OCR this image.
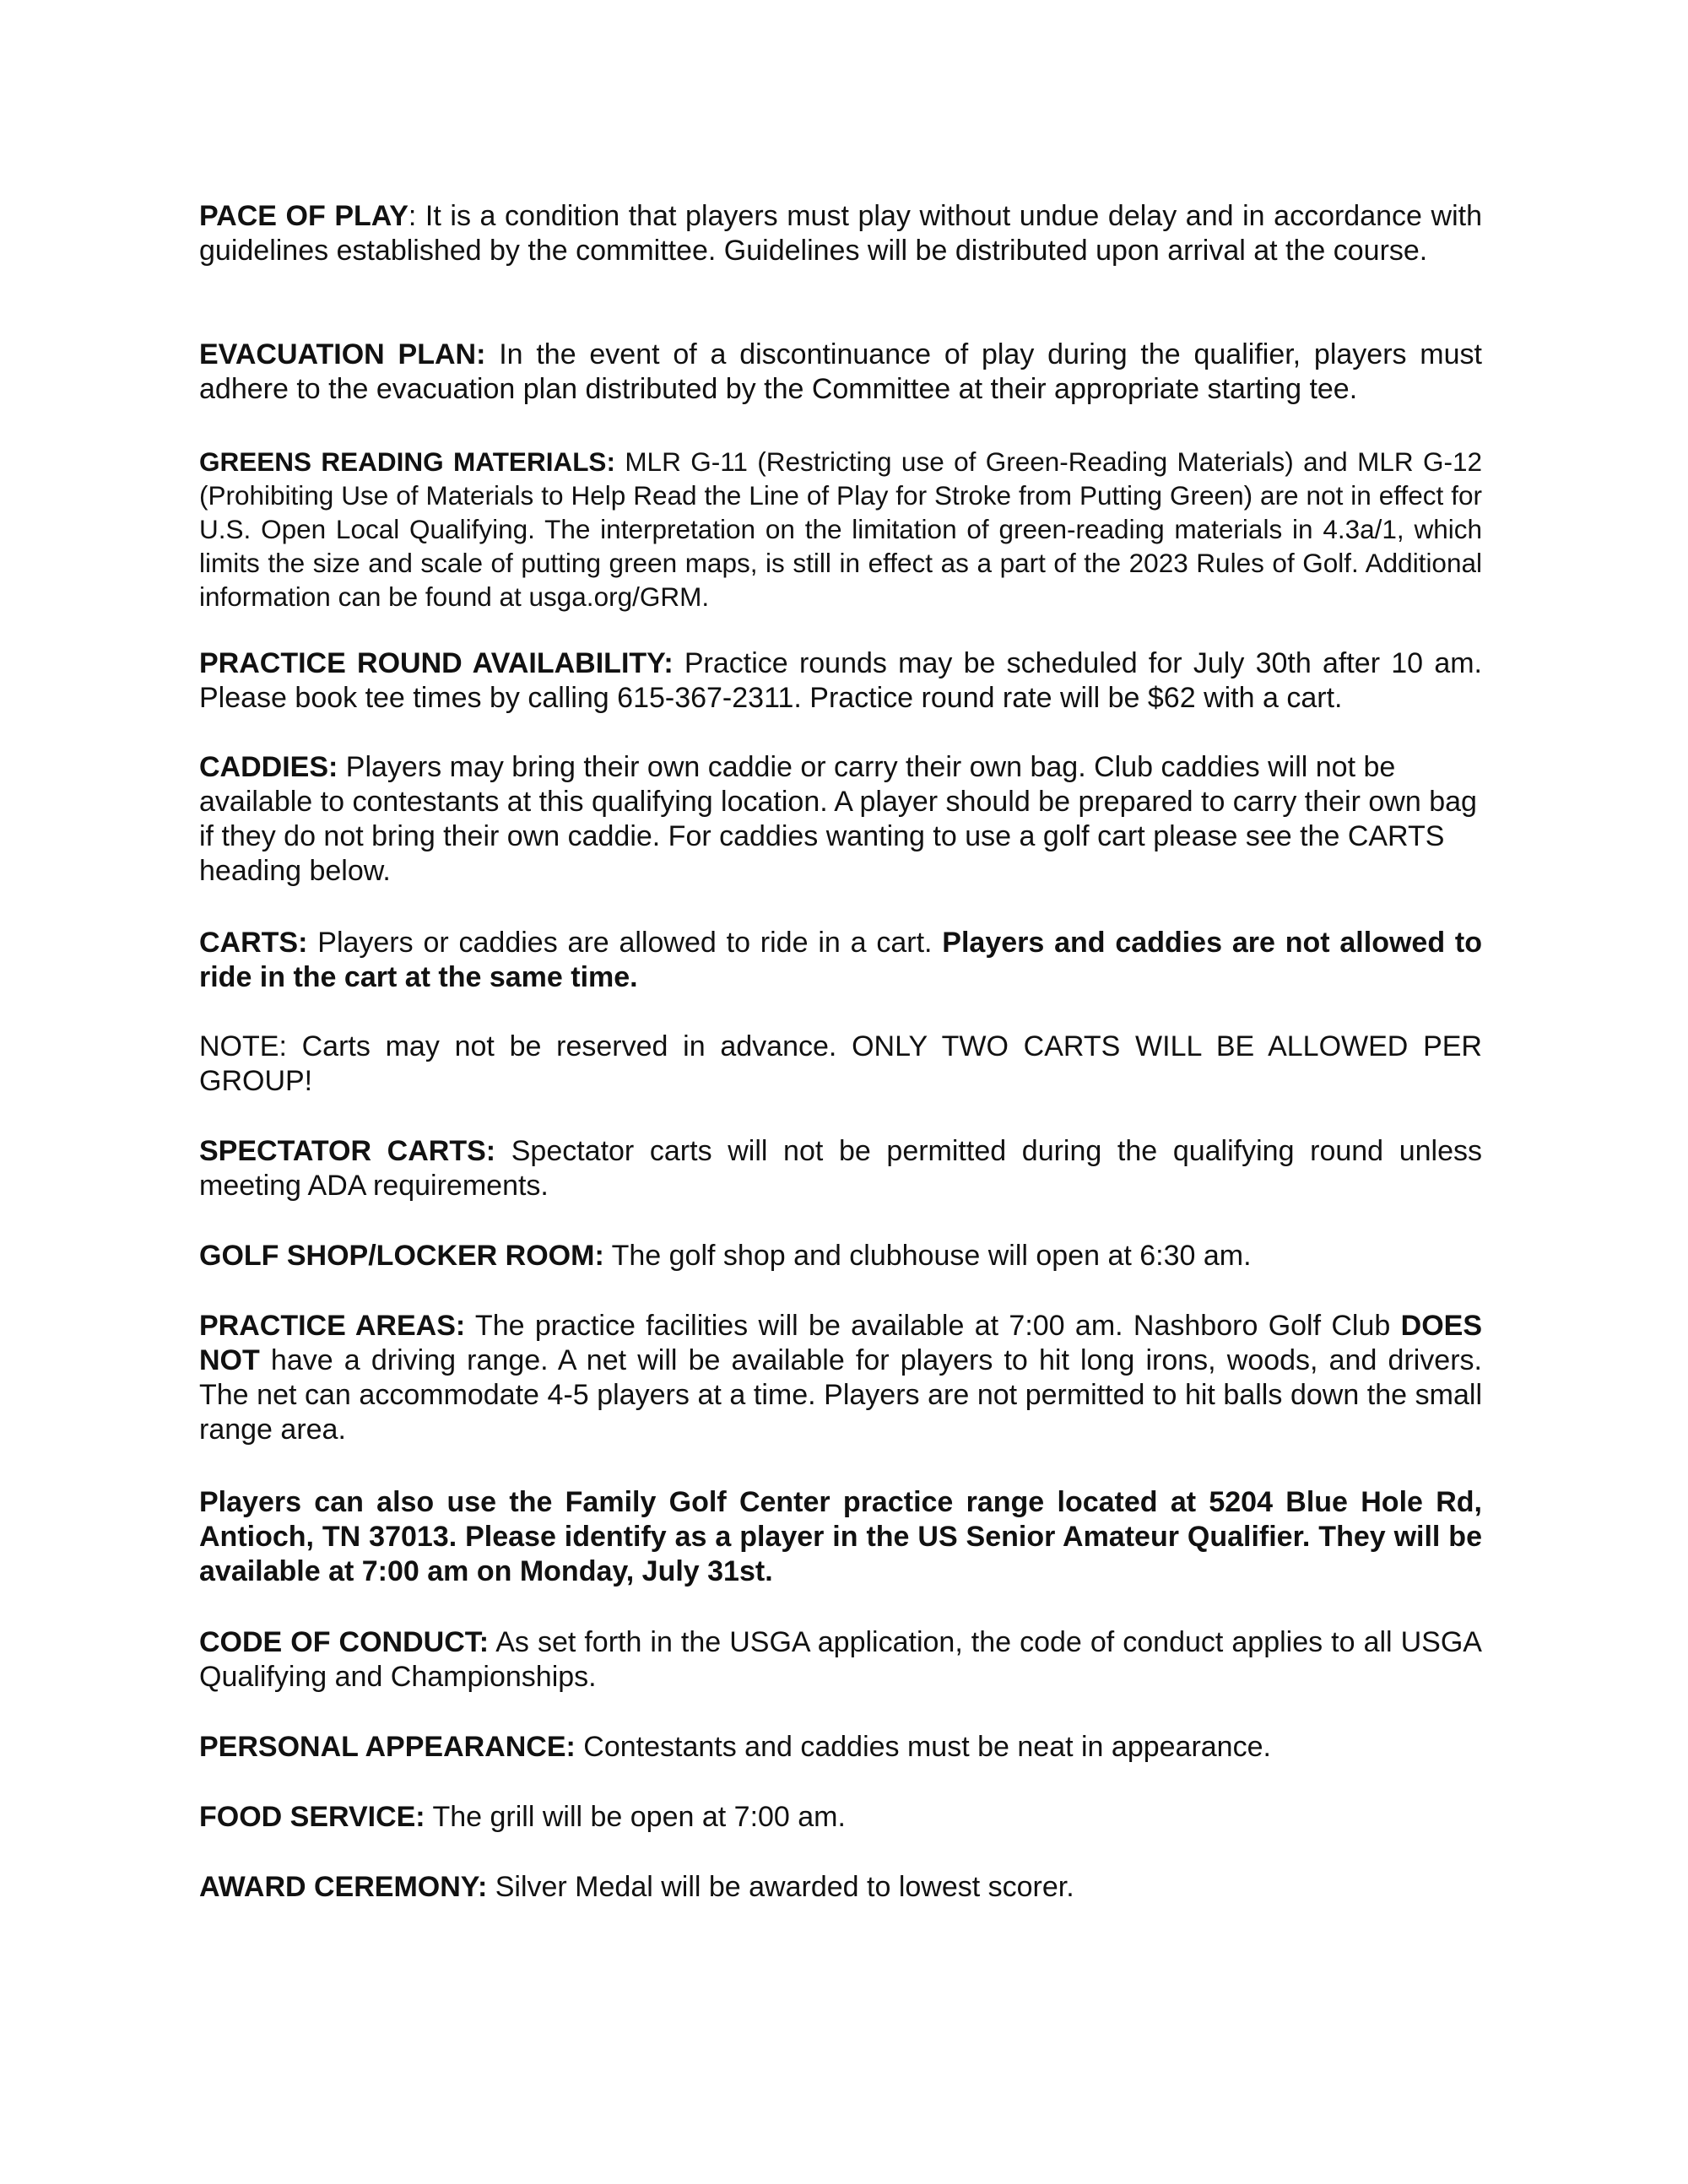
PACE OF PLAY: It is a condition that players must play without undue delay and in accordance with guidelines established by the committee. Guidelines will be distributed upon arrival at the course.

EVACUATION PLAN: In the event of a discontinuance of play during the qualifier, players must adhere to the evacuation plan distributed by the Committee at their appropriate starting tee.

GREENS READING MATERIALS: MLR G-11 (Restricting use of Green-Reading Materials) and MLR G-12 (Prohibiting Use of Materials to Help Read the Line of Play for Stroke from Putting Green) are not in effect for U.S. Open Local Qualifying. The interpretation on the limitation of green-reading materials in 4.3a/1, which limits the size and scale of putting green maps, is still in effect as a part of the 2023 Rules of Golf. Additional information can be found at usga.org/GRM.

PRACTICE ROUND AVAILABILITY: Practice rounds may be scheduled for July 30th after 10 am. Please book tee times by calling 615-367-2311. Practice round rate will be $62 with a cart.

CADDIES: Players may bring their own caddie or carry their own bag. Club caddies will not be available to contestants at this qualifying location. A player should be prepared to carry their own bag if they do not bring their own caddie. For caddies wanting to use a golf cart please see the CARTS heading below.

CARTS: Players or caddies are allowed to ride in a cart. Players and caddies are not allowed to ride in the cart at the same time.

NOTE: Carts may not be reserved in advance. ONLY TWO CARTS WILL BE ALLOWED PER GROUP!

SPECTATOR CARTS: Spectator carts will not be permitted during the qualifying round unless meeting ADA requirements.

GOLF SHOP/LOCKER ROOM: The golf shop and clubhouse will open at 6:30 am.

PRACTICE AREAS: The practice facilities will be available at 7:00 am. Nashboro Golf Club DOES NOT have a driving range. A net will be available for players to hit long irons, woods, and drivers. The net can accommodate 4-5 players at a time. Players are not permitted to hit balls down the small range area.

Players can also use the Family Golf Center practice range located at 5204 Blue Hole Rd, Antioch, TN 37013. Please identify as a player in the US Senior Amateur Qualifier. They will be available at 7:00 am on Monday, July 31st.

CODE OF CONDUCT: As set forth in the USGA application, the code of conduct applies to all USGA Qualifying and Championships.

PERSONAL APPEARANCE: Contestants and caddies must be neat in appearance.

FOOD SERVICE: The grill will be open at 7:00 am.

AWARD CEREMONY: Silver Medal will be awarded to lowest scorer.
